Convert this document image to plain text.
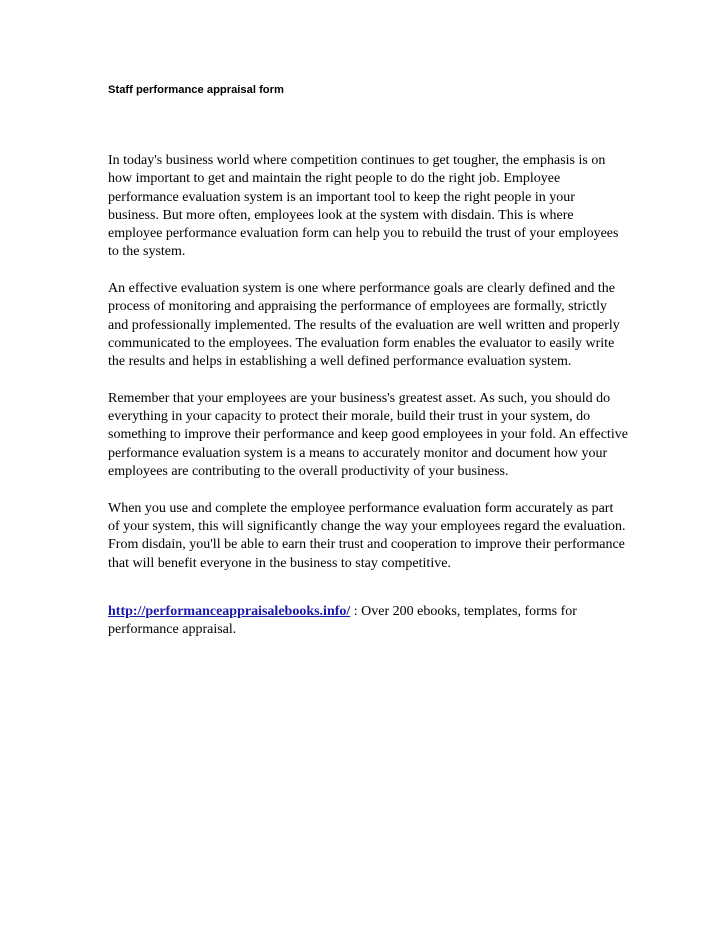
Staff performance appraisal form

In today's business world where competition continues to get tougher, the emphasis is on how important to get and maintain the right people to do the right job. Employee performance evaluation system is an important tool to keep the right people in your business. But more often, employees look at the system with disdain. This is where employee performance evaluation form can help you to rebuild the trust of your employees to the system.

An effective evaluation system is one where performance goals are clearly defined and the process of monitoring and appraising the performance of employees are formally, strictly and professionally implemented. The results of the evaluation are well written and properly communicated to the employees. The evaluation form enables the evaluator to easily write the results and helps in establishing a well defined performance evaluation system.

Remember that your employees are your business's greatest asset. As such, you should do everything in your capacity to protect their morale, build their trust in your system, do something to improve their performance and keep good employees in your fold. An effective performance evaluation system is a means to accurately monitor and document how your employees are contributing to the overall productivity of your business.

When you use and complete the employee performance evaluation form accurately as part of your system, this will significantly change the way your employees regard the evaluation. From disdain, you'll be able to earn their trust and cooperation to improve their performance that will benefit everyone in the business to stay competitive.

http://performanceappraisalebooks.info/ : Over 200 ebooks, templates, forms for performance appraisal.
